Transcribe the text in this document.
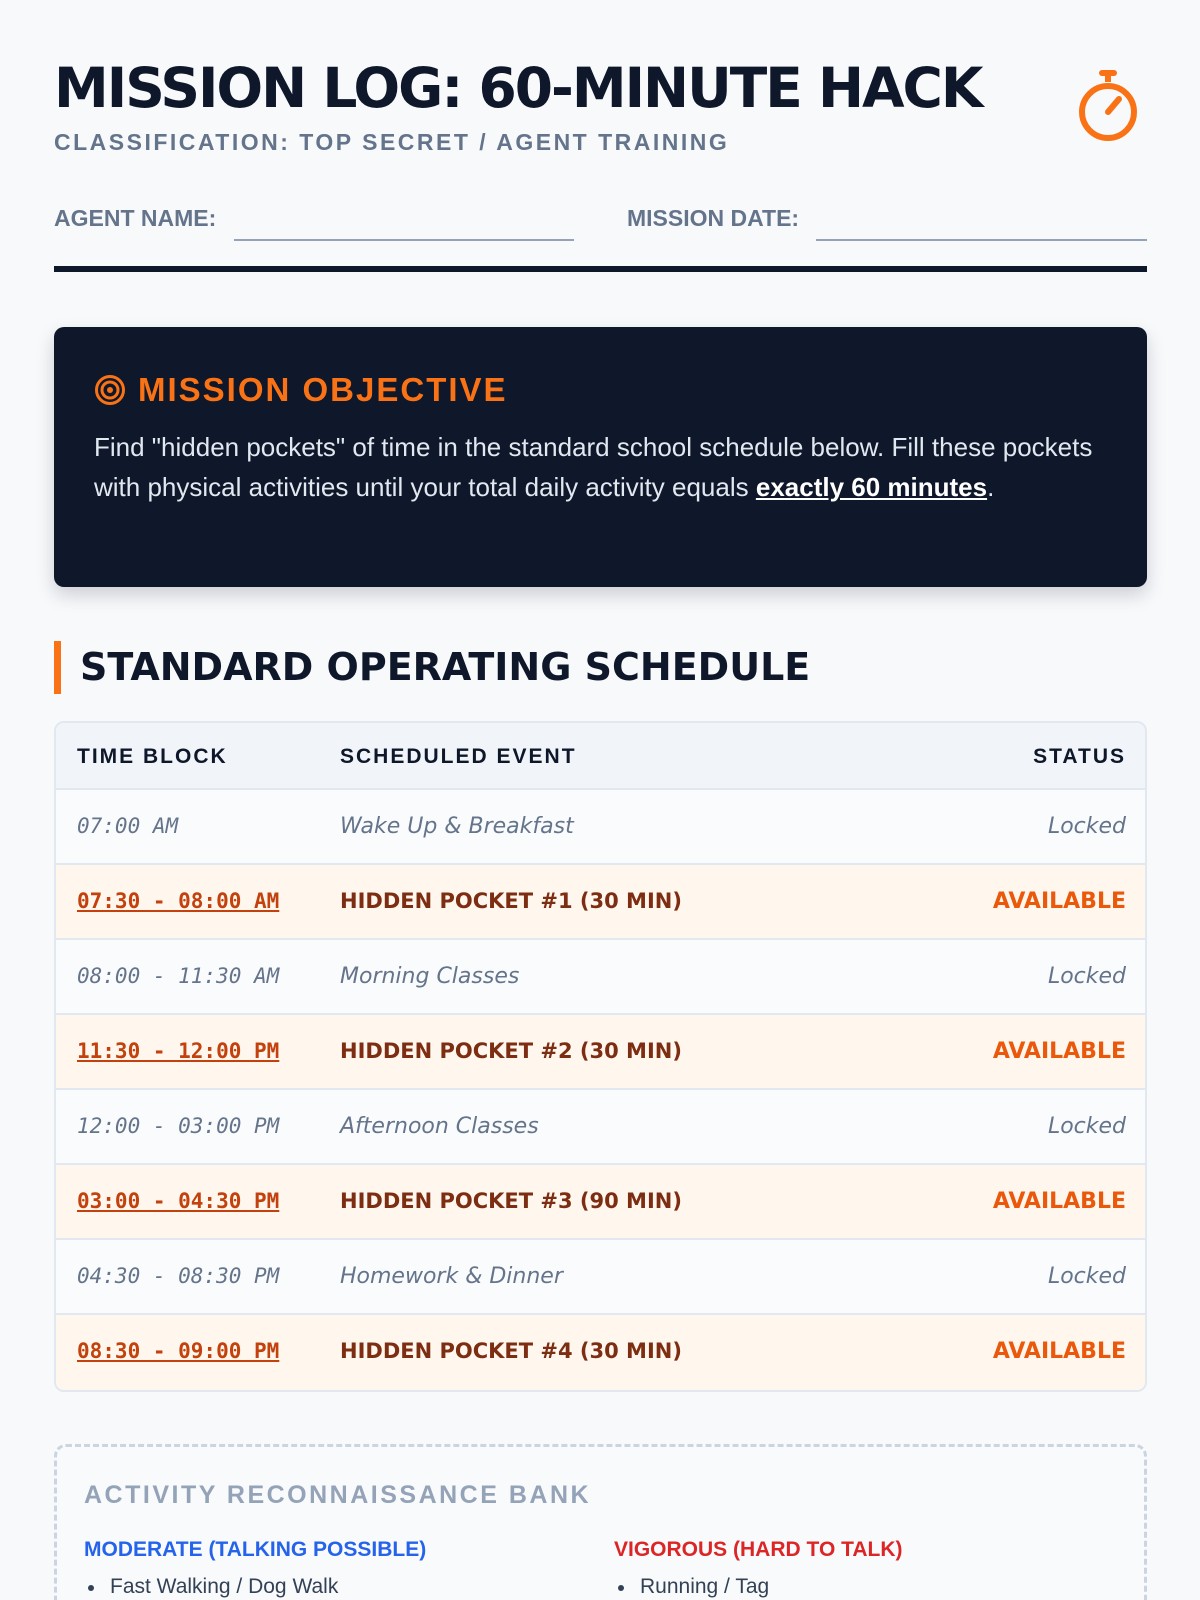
MISSION LOG: 60-MINUTE HACK
CLASSIFICATION: TOP SECRET / AGENT TRAINING
AGENT NAME:	MISSION DATE:
MISSION OBJECTIVE
Find "hidden pockets" of time in the standard school schedule below. Fill these pockets with physical activities until your total daily activity equals exactly 60 minutes.
STANDARD OPERATING SCHEDULE
TIME BLOCK	SCHEDULED EVENT	STATUS
07:00 AM	Wake Up & Breakfast	Locked
07:30 - 08:00 AM	HIDDEN POCKET #1 (30 MIN)	AVAILABLE
08:00 - 11:30 AM	Morning Classes	Locked
11:30 - 12:00 PM	HIDDEN POCKET #2 (30 MIN)	AVAILABLE
12:00 - 03:00 PM	Afternoon Classes	Locked
03:00 - 04:30 PM	HIDDEN POCKET #3 (90 MIN)	AVAILABLE
04:30 - 08:30 PM	Homework & Dinner	Locked
08:30 - 09:00 PM	HIDDEN POCKET #4 (30 MIN)	AVAILABLE
ACTIVITY RECONNAISSANCE BANK
MODERATE (TALKING POSSIBLE)
Fast Walking / Dog Walk
VIGOROUS (HARD TO TALK)
Running / Tag
